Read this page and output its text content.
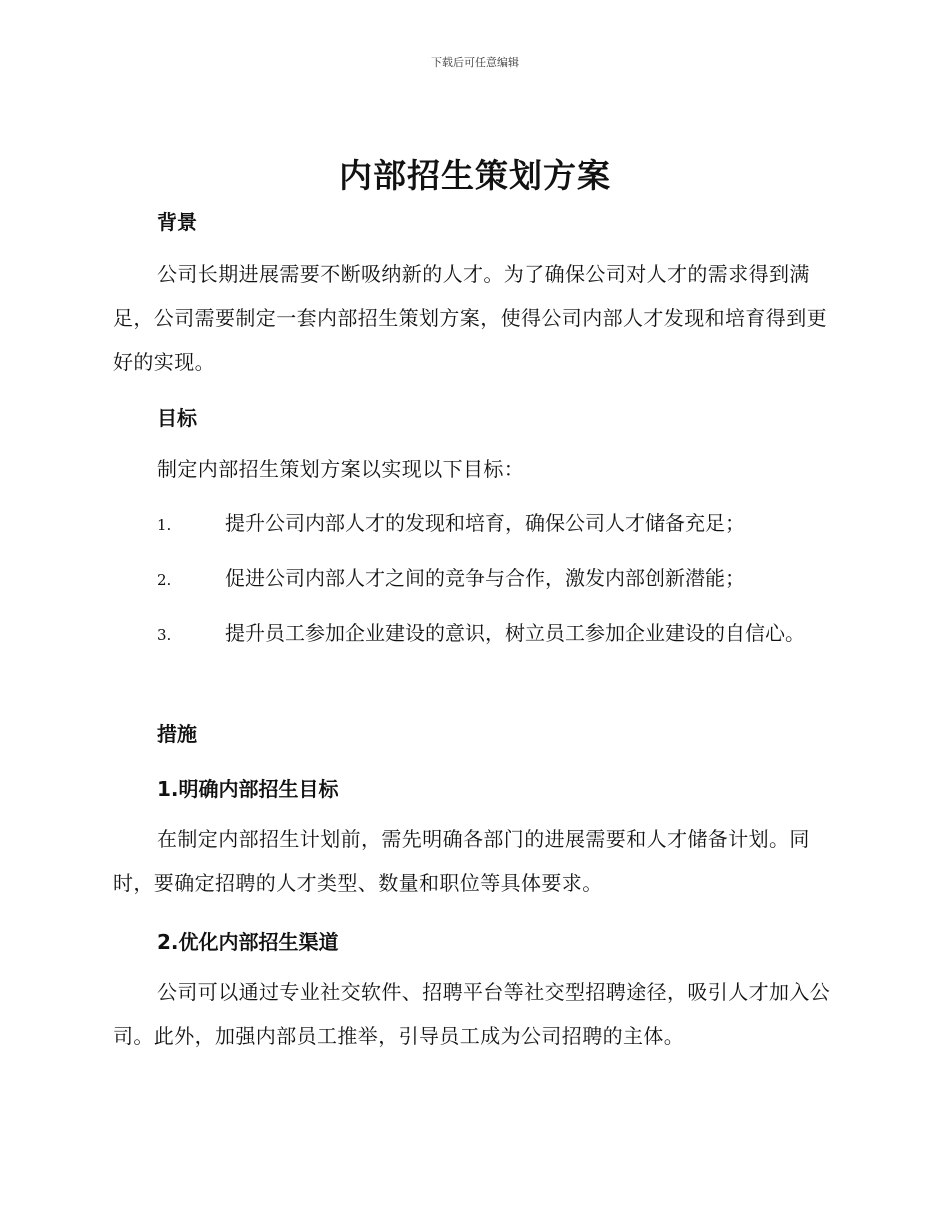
下载后可任意编辑
内部招生策划方案
背景

公司长期进展需要不断吸纳新的人才。为了确保公司对人才的需求得到满足，公司需要制定一套内部招生策划方案，使得公司内部人才发现和培育得到更好的实现。

目标

制定内部招生策划方案以实现以下目标：

1.	提升公司内部人才的发现和培育，确保公司人才储备充足；

2.	促进公司内部人才之间的竞争与合作，激发内部创新潜能；

3.	提升员工参加企业建设的意识，树立员工参加企业建设的自信心。

措施
1.明确内部招生目标

在制定内部招生计划前，需先明确各部门的进展需要和人才储备计划。同时，要确定招聘的人才类型、数量和职位等具体要求。

2.优化内部招生渠道

公司可以通过专业社交软件、招聘平台等社交型招聘途径，吸引人才加入公司。此外，加强内部员工推举，引导员工成为公司招聘的主体。
